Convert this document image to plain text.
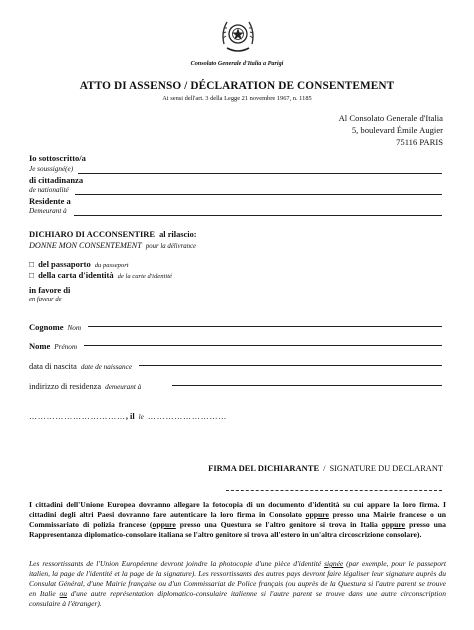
Consolato Generale d'Italia a Parigi
ATTO DI ASSENSO / DÉCLARATION DE CONSENTEMENT
Ai sensi dell'art. 3 della Legge 21 novembre 1967, n. 1185
Al Consolato Generale d'Italia
5, boulevard Émile Augier
75116 PARIS
Io sottoscritto/a
Je soussigné(e)
di cittadinanza
de nationalité
Residente a
Demeurant à
DICHIARO DI ACCONSENTIRE al rilascio:
DONNE MON CONSENTEMENT pour la délivrance
□ del passaporto du passeport
□ della carta d'identità de la carte d'identité
in favore di
en faveur de
Cognome Nom
Nome Prénom
data di nascita date de naissance
indirizzo di residenza demeurant à
……………………………, il le ………………………
FIRMA DEL DICHIARANTE / SIGNATURE DU DECLARANT
I cittadini dell'Unione Europea dovranno allegare la fotocopia di un documento d'identità su cui appare la loro firma. I cittadini degli altri Paesi dovranno fare autenticare la loro firma in Consolato oppure presso una Mairie francese o un Commissariato di polizia francese (oppure presso una Questura se l'altro genitore si trova in Italia oppure presso una Rappresentanza diplomatico-consolare italiana se l'altro genitore si trova all'estero in un'altra circoscrizione consolare).
Les ressortissants de l'Union Européenne devront joindre la photocopie d'une pièce d'identité signée (par exemple, pour le passeport italien, la page de l'identité et la page de la signature). Les ressortissants des autres pays devront faire légaliser leur signature auprès du Consulat Général, d'une Mairie française ou d'un Commissariat de Police français (ou auprès de la Questura si l'autre parent se trouve en Italie ou d'une autre représentation diplomatico-consulaire italienne si l'autre parent se trouve dans une autre circonscription consulaire à l'étranger).
